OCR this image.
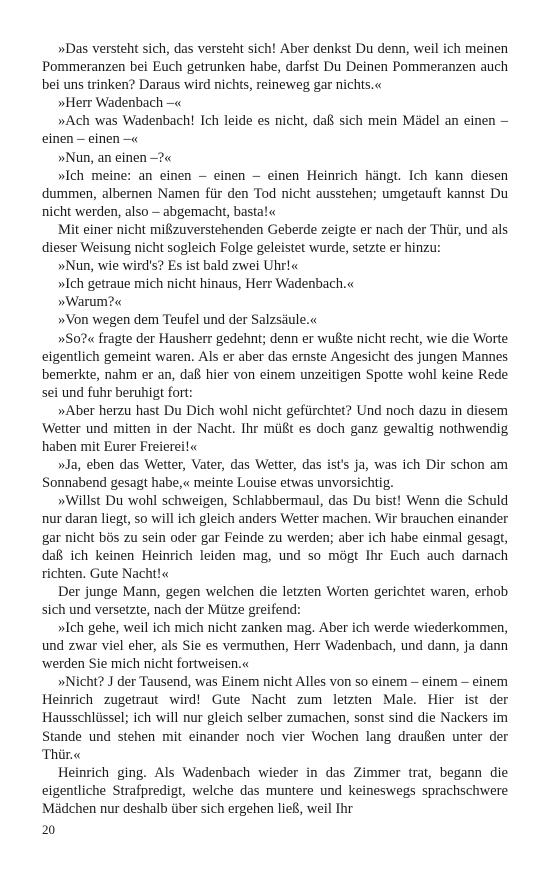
»Das versteht sich, das versteht sich! Aber denkst Du denn, weil ich meinen Pommeranzen bei Euch getrunken habe, darfst Du Deinen Pommeranzen auch bei uns trinken? Daraus wird nichts, reineweg gar nichts.«

»Herr Wadenbach –«

»Ach was Wadenbach! Ich leide es nicht, daß sich mein Mädel an einen – einen – einen –«

»Nun, an einen –?«

»Ich meine: an einen – einen – einen Heinrich hängt. Ich kann diesen dummen, albernen Namen für den Tod nicht ausstehen; umgetauft kannst Du nicht werden, also – abgemacht, basta!«

Mit einer nicht mißzuverstehenden Geberde zeigte er nach der Thür, und als dieser Weisung nicht sogleich Folge geleistet wurde, setzte er hinzu:

»Nun, wie wird's? Es ist bald zwei Uhr!«

»Ich getraue mich nicht hinaus, Herr Wadenbach.«

»Warum?«

»Von wegen dem Teufel und der Salzsäule.«

»So?« fragte der Hausherr gedehnt; denn er wußte nicht recht, wie die Worte eigentlich gemeint waren. Als er aber das ernste Angesicht des jungen Mannes bemerkte, nahm er an, daß hier von einem unzeitigen Spotte wohl keine Rede sei und fuhr beruhigt fort:

»Aber herzu hast Du Dich wohl nicht gefürchtet? Und noch dazu in diesem Wetter und mitten in der Nacht. Ihr müßt es doch ganz gewaltig nothwendig haben mit Eurer Freierei!«

»Ja, eben das Wetter, Vater, das Wetter, das ist's ja, was ich Dir schon am Sonnabend gesagt habe,« meinte Louise etwas unvorsichtig.

»Willst Du wohl schweigen, Schlabbermaul, das Du bist! Wenn die Schuld nur daran liegt, so will ich gleich anders Wetter machen. Wir brauchen einander gar nicht bös zu sein oder gar Feinde zu werden; aber ich habe einmal gesagt, daß ich keinen Heinrich leiden mag, und so mögt Ihr Euch auch darnach richten. Gute Nacht!«

Der junge Mann, gegen welchen die letzten Worten gerichtet waren, erhob sich und versetzte, nach der Mütze greifend:

»Ich gehe, weil ich mich nicht zanken mag. Aber ich werde wiederkommen, und zwar viel eher, als Sie es vermuthen, Herr Wadenbach, und dann, ja dann werden Sie mich nicht fortweisen.«

»Nicht? J der Tausend, was Einem nicht Alles von so einem – einem – einem Heinrich zugetraut wird! Gute Nacht zum letzten Male. Hier ist der Hausschlüssel; ich will nur gleich selber zumachen, sonst sind die Nackers im Stande und stehen mit einander noch vier Wochen lang draußen unter der Thür.«

Heinrich ging. Als Wadenbach wieder in das Zimmer trat, begann die eigentliche Strafpredigt, welche das muntere und keineswegs sprachschwere Mädchen nur deshalb über sich ergehen ließ, weil Ihr

20
